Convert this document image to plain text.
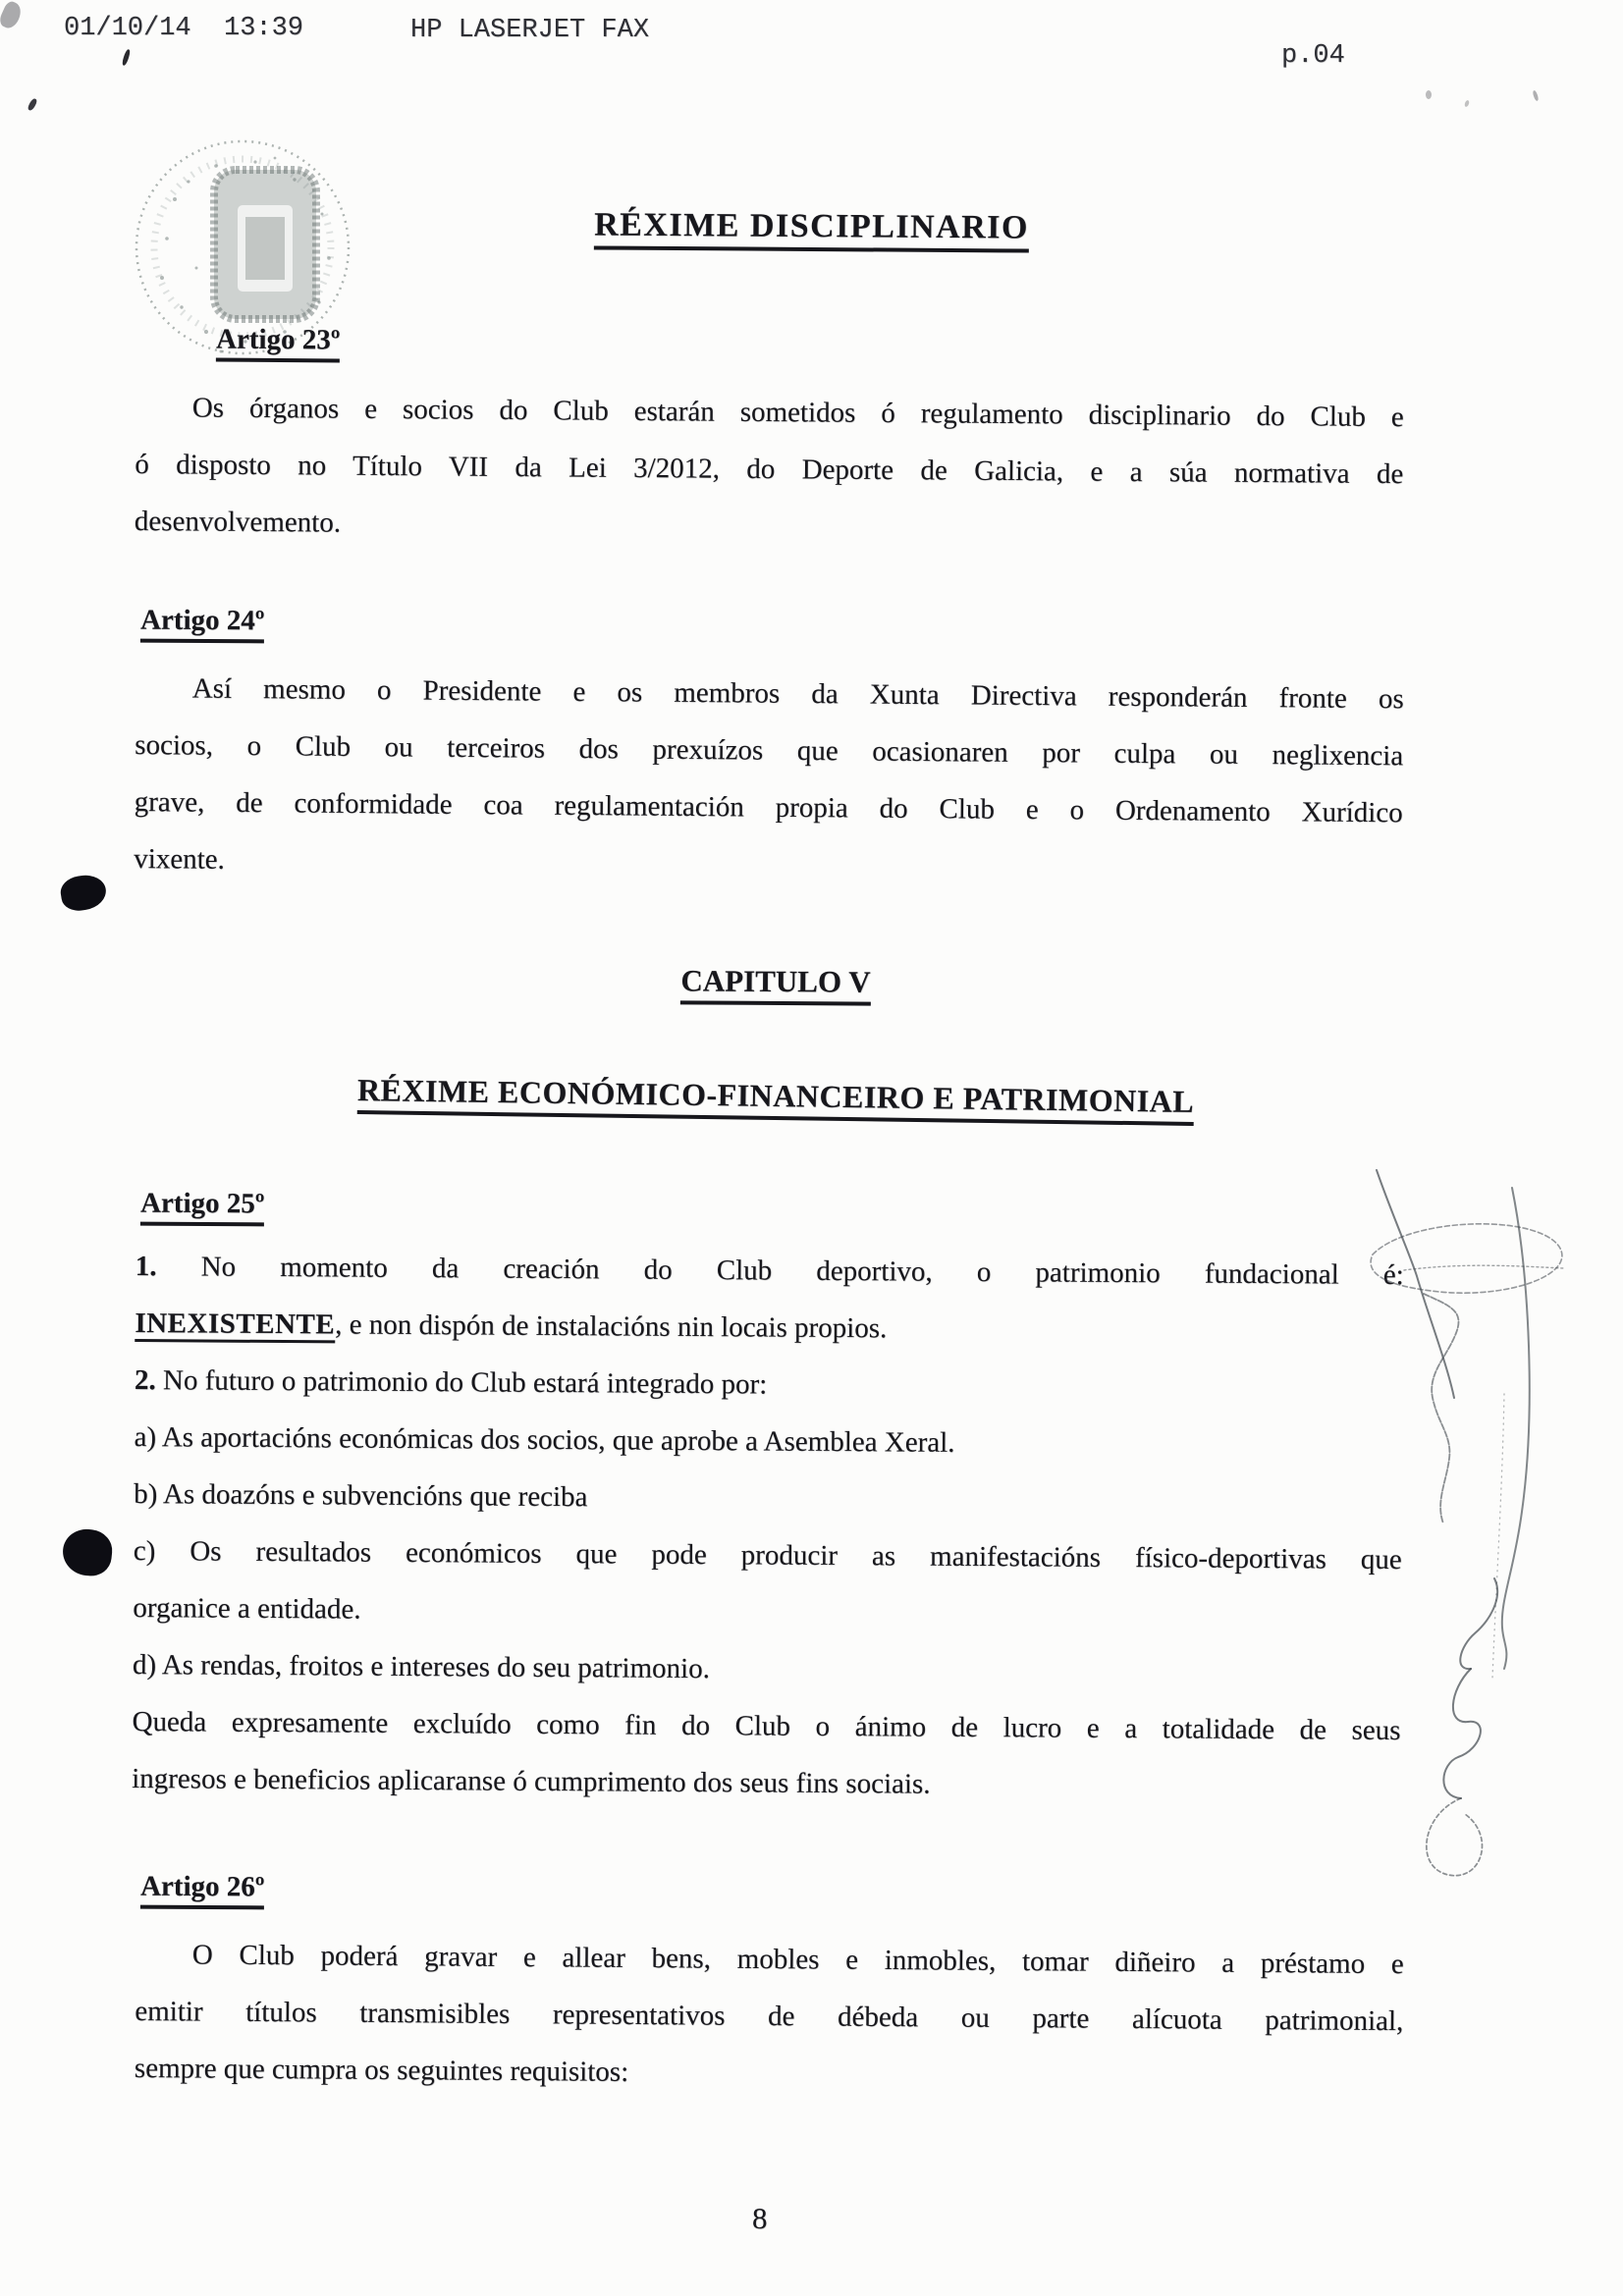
01/10/14 13:39	HP LASERJET FAX
p.04
RÉXIME DISCIPLINARIO
Artigo 23º
Os órganos e socios do Club estarán sometidos ó regulamento disciplinario do Club e
ó disposto no Título VII da Lei 3/2012, do Deporte de Galicia, e a súa normativa de
desenvolvemento.
Artigo 24º
Así mesmo o Presidente e os membros da Xunta Directiva responderán fronte os
socios, o Club ou terceiros dos prexuízos que ocasionaren por culpa ou neglixencia
grave, de conformidade coa regulamentación propia do Club e o Ordenamento Xurídico
vixente.
CAPITULO V
RÉXIME ECONÓMICO-FINANCEIRO E PATRIMONIAL
Artigo 25º
1. No momento da creación do Club deportivo, o patrimonio fundacional é:
INEXISTENTE, e non dispón de instalacións nin locais propios.
2. No futuro o patrimonio do Club estará integrado por:
a) As aportacións económicas dos socios, que aprobe a Asemblea Xeral.
b) As doazóns e subvencións que reciba
c) Os resultados económicos que pode producir as manifestacións físico-deportivas que
organice a entidade.
d) As rendas, froitos e intereses do seu patrimonio.
Queda expresamente excluído como fin do Club o ánimo de lucro e a totalidade de seus
ingresos e beneficios aplicaranse ó cumprimento dos seus fins sociais.
Artigo 26º
O Club poderá gravar e allear bens, mobles e inmobles, tomar diñeiro a préstamo e
emitir títulos transmisibles representativos de débeda ou parte alícuota patrimonial,
sempre que cumpra os seguintes requisitos:
8
